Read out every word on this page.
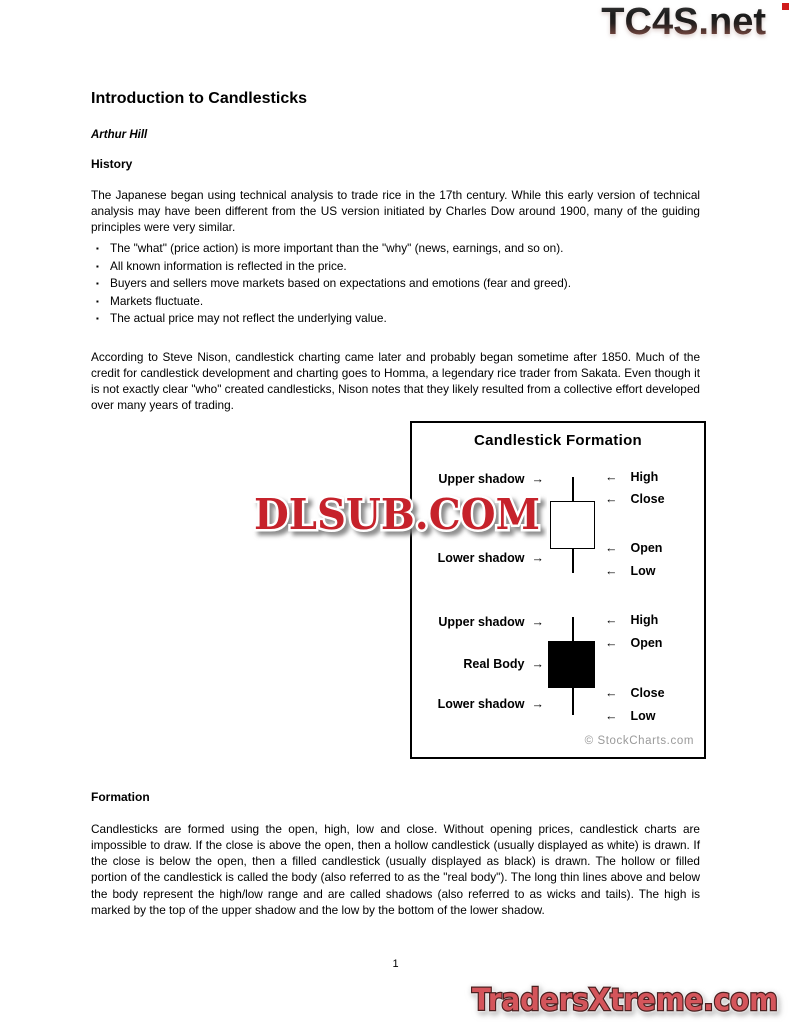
TC4S.net
Introduction to Candlesticks
Arthur Hill
History

The Japanese began using technical analysis to trade rice in the 17th century. While this early version of technical analysis may have been different from the US version initiated by Charles Dow around 1900, many of the guiding principles were very similar.

▪ The "what" (price action) is more important than the "why" (news, earnings, and so on).
▪ All known information is reflected in the price.
▪ Buyers and sellers move markets based on expectations and emotions (fear and greed).
▪ Markets fluctuate.
▪ The actual price may not reflect the underlying value.

According to Steve Nison, candlestick charting came later and probably began sometime after 1850. Much of the credit for candlestick development and charting goes to Homma, a legendary rice trader from Sakata. Even though it is not exactly clear "who" created candlesticks, Nison notes that they likely resulted from a collective effort developed over many years of trading.

Candlestick Formation
Upper shadow →
Lower shadow →
← High
← Close
← Open
← Low
Upper shadow →
Real Body →
Lower shadow →
← High
← Open
← Close
← Low
© StockCharts.com
DLSUB.COM
Formation

Candlesticks are formed using the open, high, low and close. Without opening prices, candlestick charts are impossible to draw. If the close is above the open, then a hollow candlestick (usually displayed as white) is drawn. If the close is below the open, then a filled candlestick (usually displayed as black) is drawn. The hollow or filled portion of the candlestick is called the body (also referred to as the "real body"). The long thin lines above and below the body represent the high/low range and are called shadows (also referred to as wicks and tails). The high is marked by the top of the upper shadow and the low by the bottom of the lower shadow.

1
TradersXtreme.com
